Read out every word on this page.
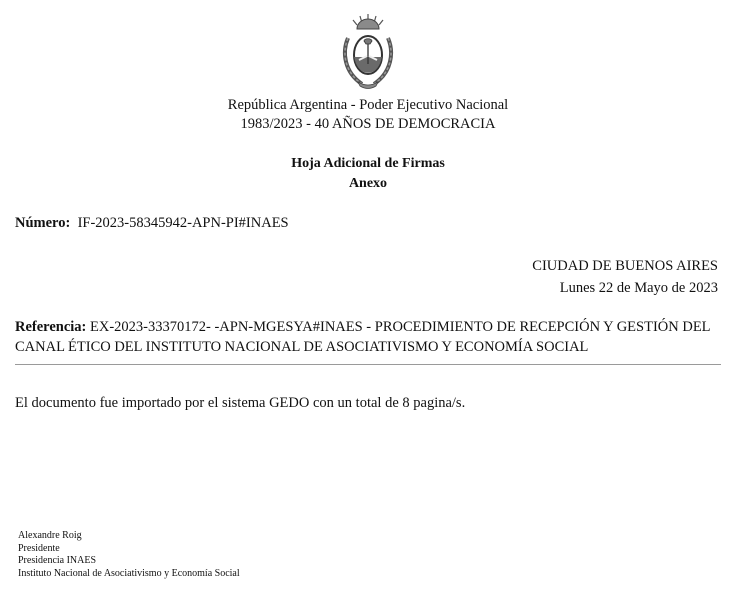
República Argentina - Poder Ejecutivo Nacional
1983/2023 - 40 AÑOS DE DEMOCRACIA
Hoja Adicional de Firmas
Anexo
Número: IF-2023-58345942-APN-PI#INAES
CIUDAD DE BUENOS AIRES
Lunes 22 de Mayo de 2023
Referencia: EX-2023-33370172- -APN-MGESYA#INAES - PROCEDIMIENTO DE RECEPCIÓN Y GESTIÓN DEL CANAL ÉTICO DEL INSTITUTO NACIONAL DE ASOCIATIVISMO Y ECONOMÍA SOCIAL
El documento fue importado por el sistema GEDO con un total de 8 pagina/s.
Alexandre Roig
Presidente
Presidencia INAES
Instituto Nacional de Asociativismo y Economía Social
